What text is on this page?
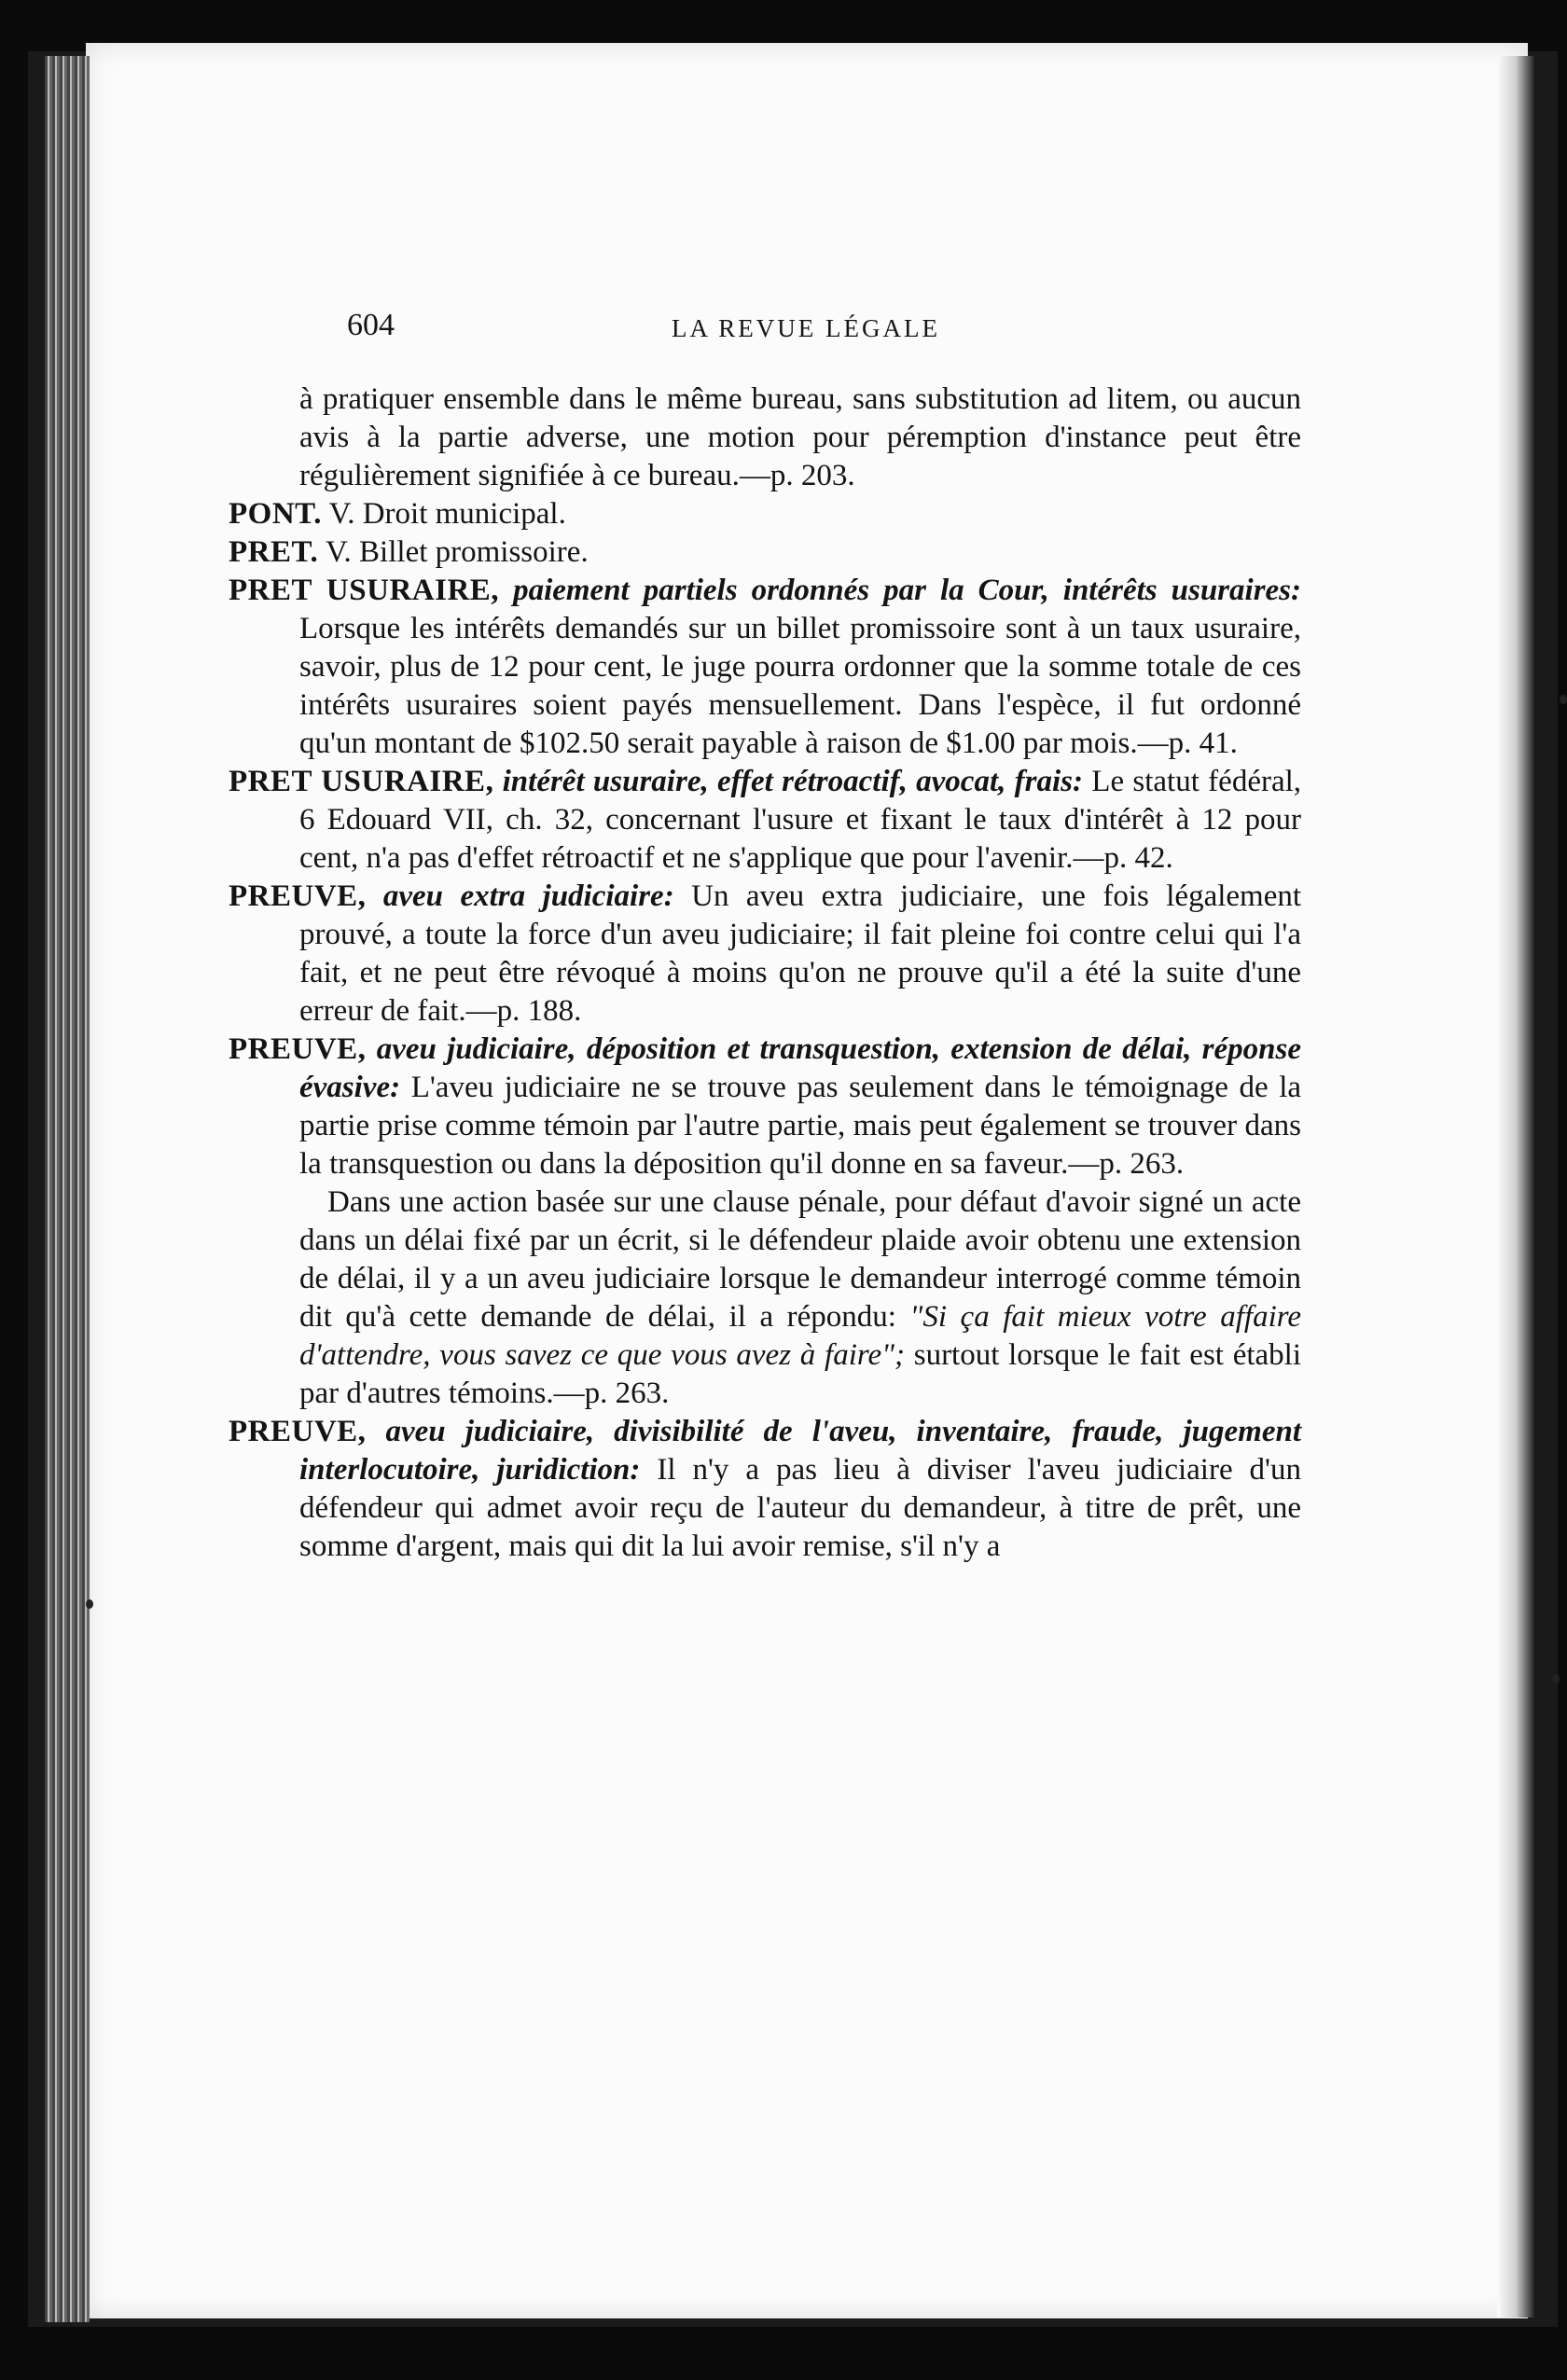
604	LA REVUE LÉGALE

à pratiquer ensemble dans le même bureau, sans substitution ad litem, ou aucun avis à la partie adverse, une motion pour péremption d'instance peut être régulièrement signifiée à ce bureau.—p. 203.

PONT. V. Droit municipal.

PRET. V. Billet promissoire.

PRET USURAIRE, paiement partiels ordonnés par la Cour, intérêts usuraires: Lorsque les intérêts demandés sur un billet promissoire sont à un taux usuraire, savoir, plus de 12 pour cent, le juge pourra ordonner que la somme totale de ces intérêts usuraires soient payés mensuellement. Dans l'espèce, il fut ordonné qu'un montant de $102.50 serait payable à raison de $1.00 par mois.—p. 41.

PRET USURAIRE, intérêt usuraire, effet rétroactif, avocat, frais: Le statut fédéral, 6 Edouard VII, ch. 32, concernant l'usure et fixant le taux d'intérêt à 12 pour cent, n'a pas d'effet rétroactif et ne s'applique que pour l'avenir.—p. 42.

PREUVE, aveu extra judiciaire: Un aveu extra judiciaire, une fois légalement prouvé, a toute la force d'un aveu judiciaire; il fait pleine foi contre celui qui l'a fait, et ne peut être révoqué à moins qu'on ne prouve qu'il a été la suite d'une erreur de fait.—p. 188.

PREUVE, aveu judiciaire, déposition et transquestion, extension de délai, réponse évasive: L'aveu judiciaire ne se trouve pas seulement dans le témoignage de la partie prise comme témoin par l'autre partie, mais peut également se trouver dans la transquestion ou dans la déposition qu'il donne en sa faveur.—p. 263.

Dans une action basée sur une clause pénale, pour défaut d'avoir signé un acte dans un délai fixé par un écrit, si le défendeur plaide avoir obtenu une extension de délai, il y a un aveu judiciaire lorsque le demandeur interrogé comme témoin dit qu'à cette demande de délai, il a répondu: "Si ça fait mieux votre affaire d'attendre, vous savez ce que vous avez à faire"; surtout lorsque le fait est établi par d'autres témoins.—p. 263.

PREUVE, aveu judiciaire, divisibilité de l'aveu, inventaire, fraude, jugement interlocutoire, juridiction: Il n'y a pas lieu à diviser l'aveu judiciaire d'un défendeur qui admet avoir reçu de l'auteur du demandeur, à titre de prêt, une somme d'argent, mais qui dit la lui avoir remise, s'il n'y a
